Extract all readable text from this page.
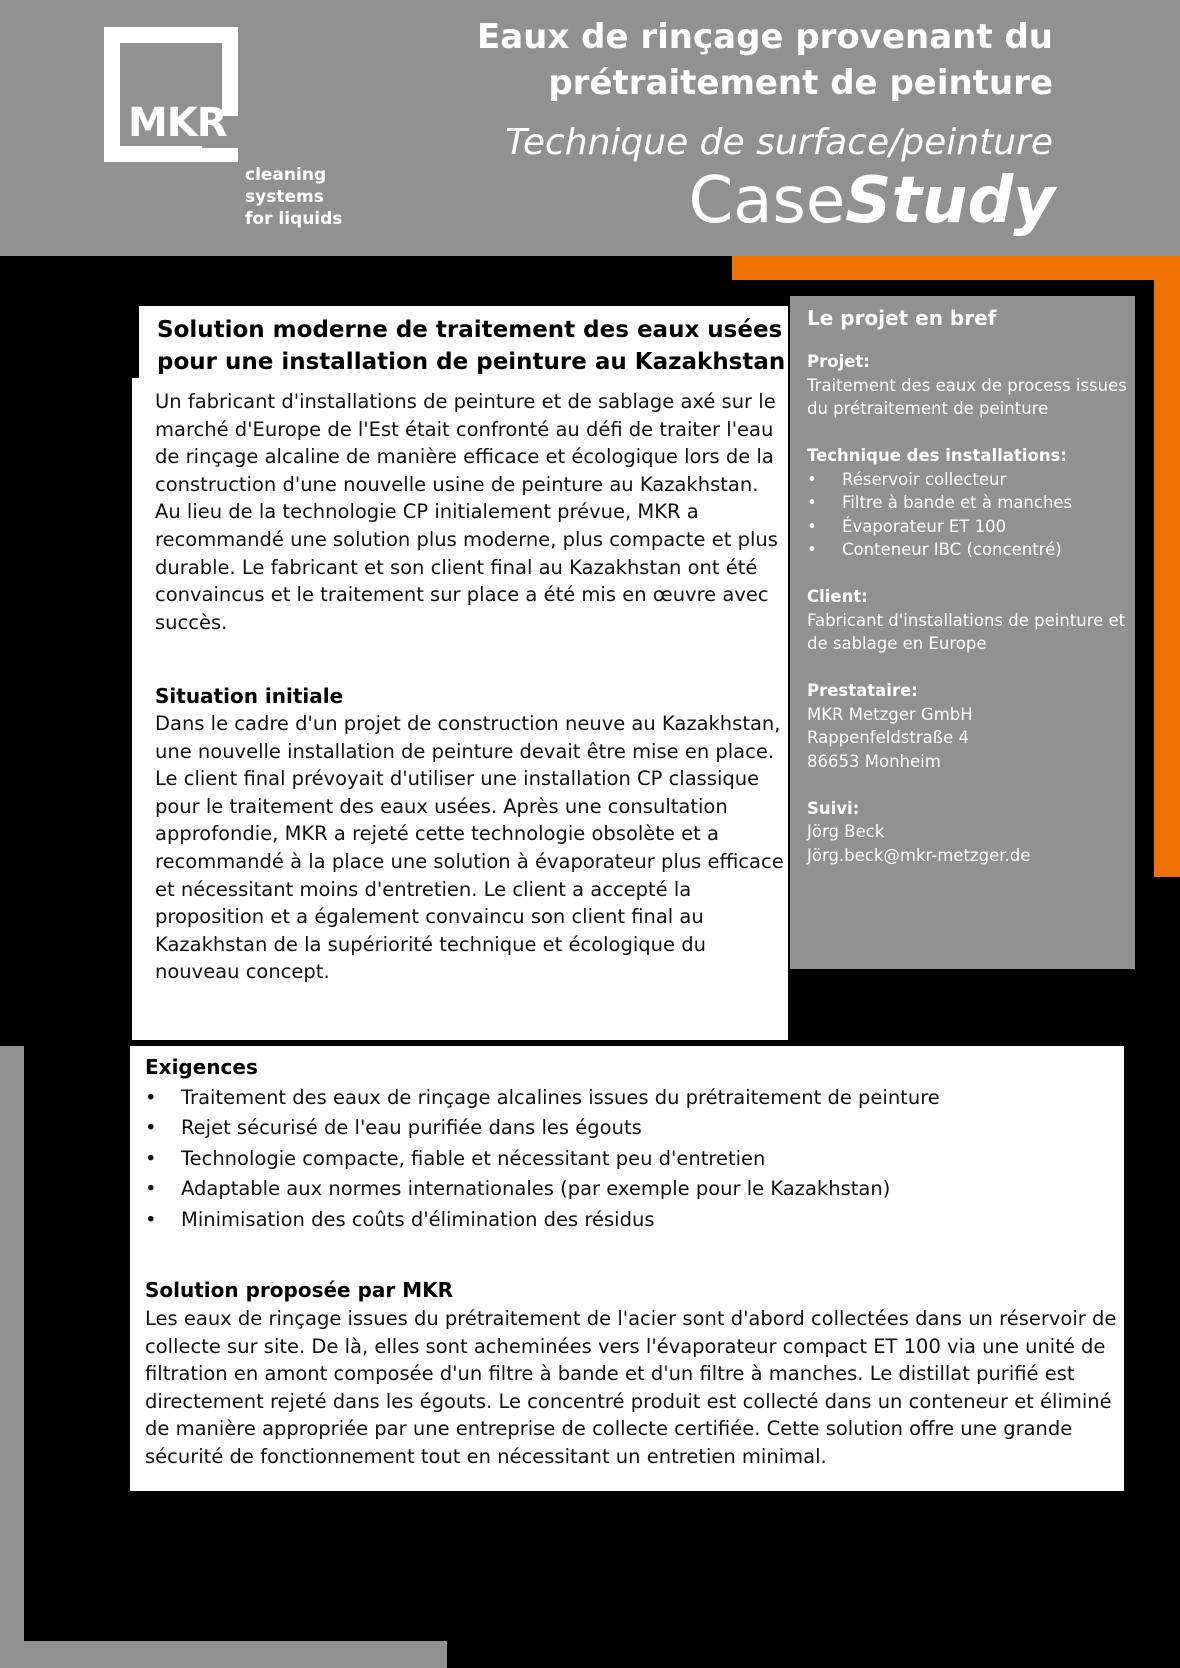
MKR
cleaning
systems
for liquids
Eaux de rinçage provenant du prétraitement de peinture
Technique de surface/peinture
CaseStudy
Solution moderne de traitement des eaux usées pour une installation de peinture au Kazakhstan
Un fabricant d'installations de peinture et de sablage axé sur le marché d'Europe de l'Est était confronté au défi de traiter l'eau de rinçage alcaline de manière efficace et écologique lors de la construction d'une nouvelle usine de peinture au Kazakhstan. Au lieu de la technologie CP initialement prévue, MKR a recommandé une solution plus moderne, plus compacte et plus durable. Le fabricant et son client final au Kazakhstan ont été convaincus et le traitement sur place a été mis en œuvre avec succès.
Situation initiale
Dans le cadre d'un projet de construction neuve au Kazakhstan, une nouvelle installation de peinture devait être mise en place. Le client final prévoyait d'utiliser une installation CP classique pour le traitement des eaux usées. Après une consultation approfondie, MKR a rejeté cette technologie obsolète et a recommandé à la place une solution à évaporateur plus efficace et nécessitant moins d'entretien. Le client a accepté la proposition et a également convaincu son client final au Kazakhstan de la supériorité technique et écologique du nouveau concept.
Le projet en bref
Projet:
Traitement des eaux de process issues du prétraitement de peinture
Technique des installations:
• Réservoir collecteur
• Filtre à bande et à manches
• Évaporateur ET 100
• Conteneur IBC (concentré)
Client:
Fabricant d'installations de peinture et de sablage en Europe
Prestataire:
MKR Metzger GmbH
Rappenfeldstraße 4
86653 Monheim
Suivi:
Jörg Beck
Jörg.beck@mkr-metzger.de
Exigences
• Traitement des eaux de rinçage alcalines issues du prétraitement de peinture
• Rejet sécurisé de l'eau purifiée dans les égouts
• Technologie compacte, fiable et nécessitant peu d'entretien
• Adaptable aux normes internationales (par exemple pour le Kazakhstan)
• Minimisation des coûts d'élimination des résidus
Solution proposée par MKR
Les eaux de rinçage issues du prétraitement de l'acier sont d'abord collectées dans un réservoir de collecte sur site. De là, elles sont acheminées vers l'évaporateur compact ET 100 via une unité de filtration en amont composée d'un filtre à bande et d'un filtre à manches. Le distillat purifié est directement rejeté dans les égouts. Le concentré produit est collecté dans un conteneur et éliminé de manière appropriée par une entreprise de collecte certifiée. Cette solution offre une grande sécurité de fonctionnement tout en nécessitant un entretien minimal.
